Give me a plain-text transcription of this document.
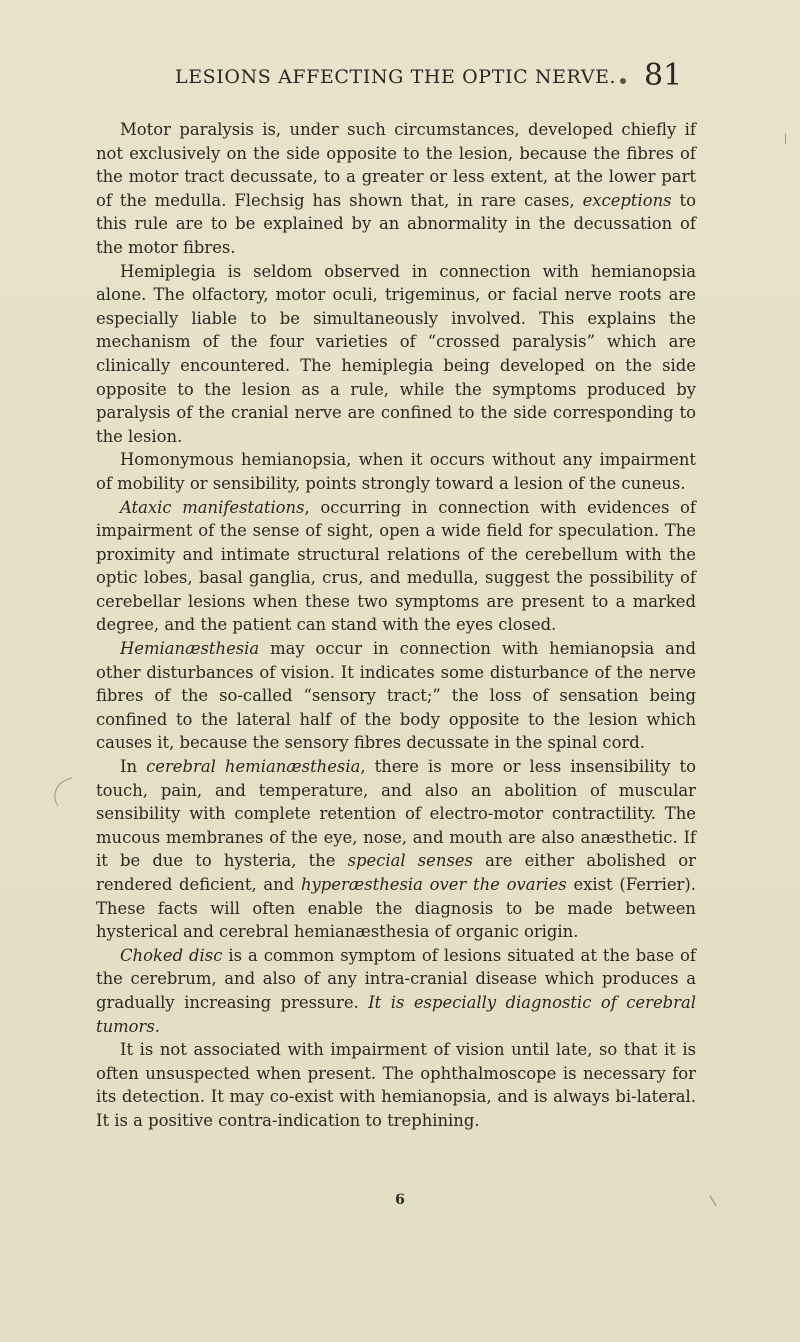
LESIONS AFFECTING THE OPTIC NERVE. 81

Motor paralysis is, under such circumstances, developed chiefly if not exclusively on the side opposite to the lesion, because the fibres of the motor tract decussate, to a greater or less extent, at the lower part of the medulla. Flechsig has shown that, in rare cases, exceptions to this rule are to be explained by an abnormality in the decussation of the motor fibres.

Hemiplegia is seldom observed in connection with hemianopsia alone. The olfactory, motor oculi, trigeminus, or facial nerve roots are especially liable to be simultaneously involved. This explains the mechanism of the four varieties of “crossed paralysis” which are clinically encountered. The hemiplegia being developed on the side opposite to the lesion as a rule, while the symptoms produced by paralysis of the cranial nerve are confined to the side corresponding to the lesion.

Homonymous hemianopsia, when it occurs without any impairment of mobility or sensibility, points strongly toward a lesion of the cuneus.

Ataxic manifestations, occurring in connection with evidences of impairment of the sense of sight, open a wide field for speculation. The proximity and intimate structural relations of the cerebellum with the optic lobes, basal ganglia, crus, and medulla, suggest the possibility of cerebellar lesions when these two symptoms are present to a marked degree, and the patient can stand with the eyes closed.

Hemianæsthesia may occur in connection with hemianopsia and other disturbances of vision. It indicates some disturbance of the nerve fibres of the so-called “sensory tract;” the loss of sensation being confined to the lateral half of the body opposite to the lesion which causes it, because the sensory fibres decussate in the spinal cord.

In cerebral hemianæsthesia, there is more or less insensibility to touch, pain, and temperature, and also an abolition of muscular sensibility with complete retention of electro-motor contractility. The mucous membranes of the eye, nose, and mouth are also anæsthetic. If it be due to hysteria, the special senses are either abolished or rendered deficient, and hyperæsthesia over the ovaries exist (Ferrier). These facts will often enable the diagnosis to be made between hysterical and cerebral hemianæsthesia of organic origin.

Choked disc is a common symptom of lesions situated at the base of the cerebrum, and also of any intra-cranial disease which produces a gradually increasing pressure. It is especially diagnostic of cerebral tumors.

It is not associated with impairment of vision until late, so that it is often unsuspected when present. The ophthalmoscope is necessary for its detection. It may co-exist with hemianopsia, and is always bi-lateral. It is a positive contra-indication to trephining.

6
